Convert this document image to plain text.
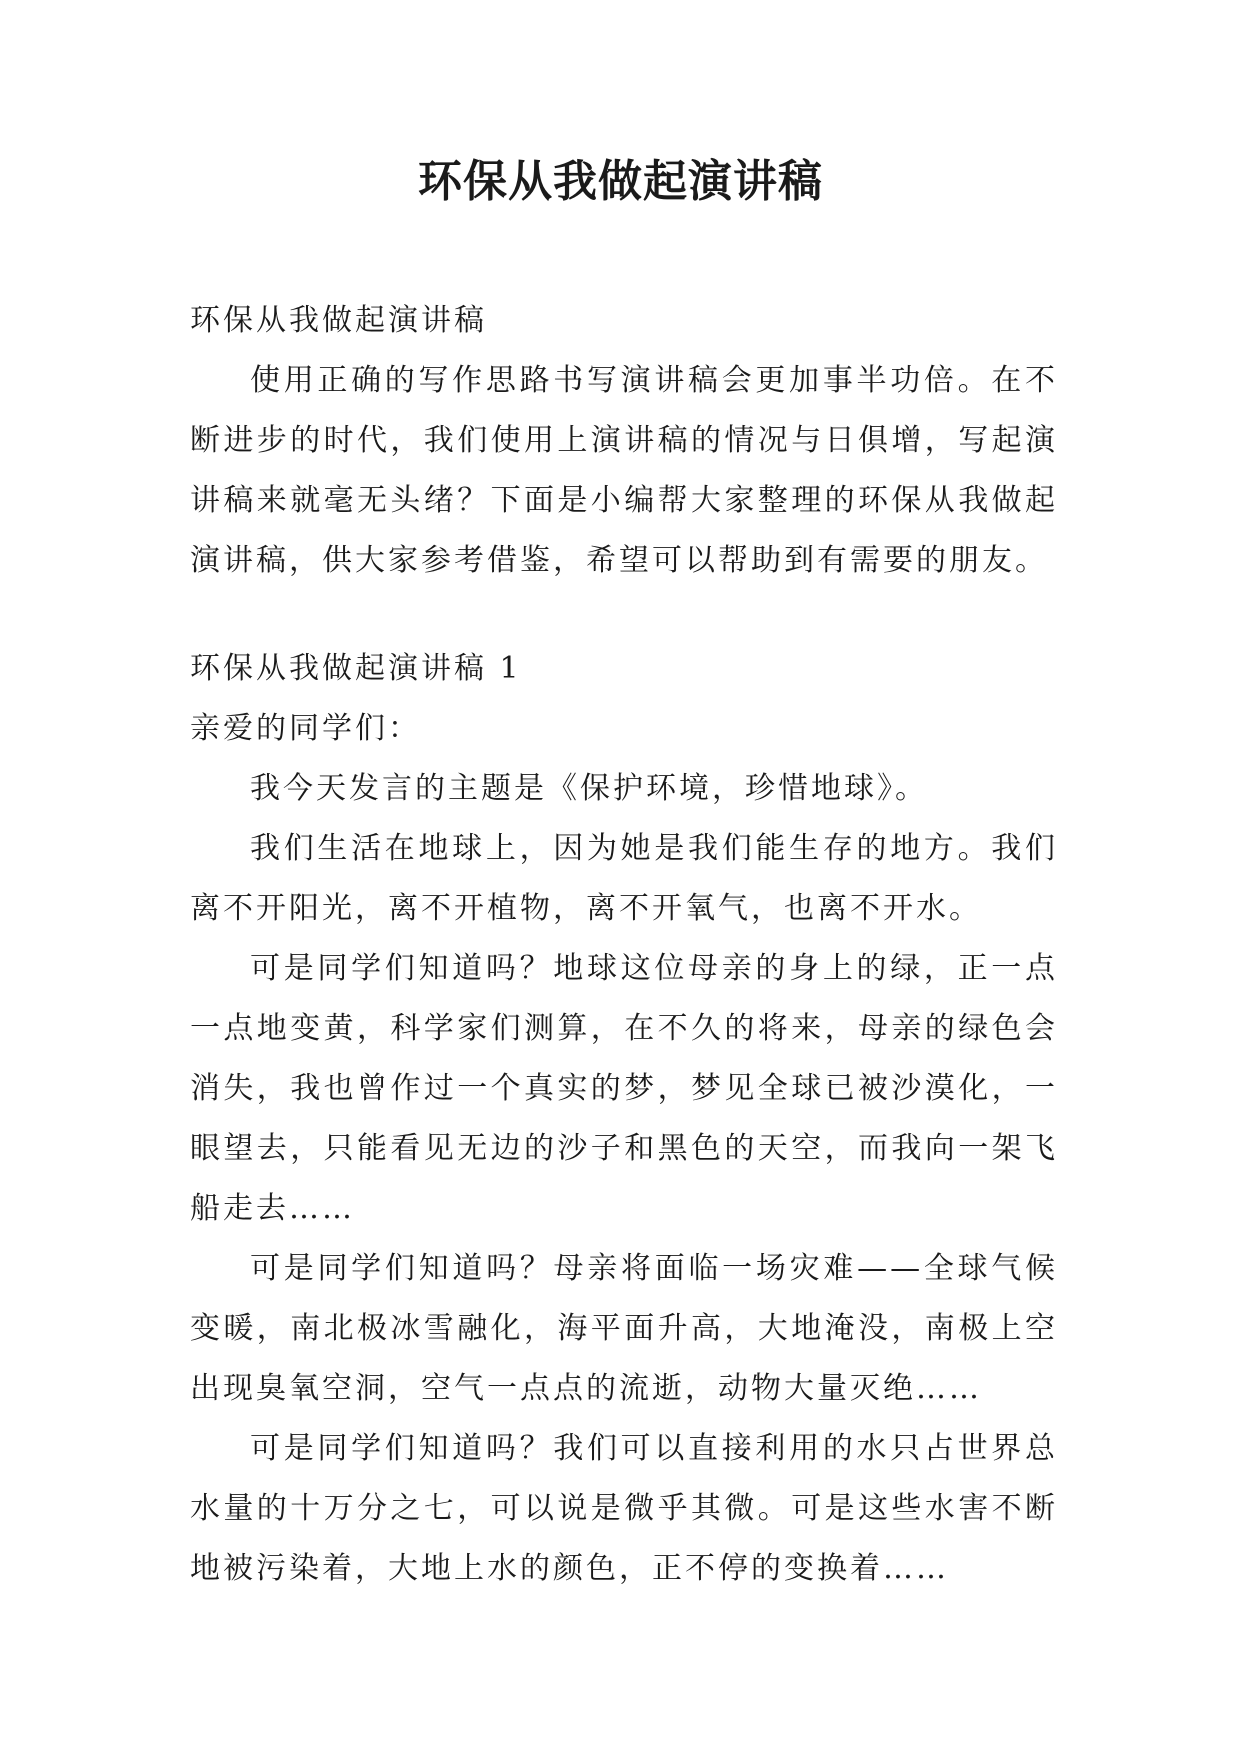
环保从我做起演讲稿

环保从我做起演讲稿

使用正确的写作思路书写演讲稿会更加事半功倍。在不断进步的时代，我们使用上演讲稿的情况与日俱增，写起演讲稿来就毫无头绪？下面是小编帮大家整理的环保从我做起演讲稿，供大家参考借鉴，希望可以帮助到有需要的朋友。

环保从我做起演讲稿 1

亲爱的同学们：

我今天发言的主题是《保护环境，珍惜地球》。

我们生活在地球上，因为她是我们能生存的地方。我们离不开阳光，离不开植物，离不开氧气，也离不开水。

可是同学们知道吗？地球这位母亲的身上的绿，正一点一点地变黄，科学家们测算，在不久的将来，母亲的绿色会消失，我也曾作过一个真实的梦，梦见全球已被沙漠化，一眼望去，只能看见无边的沙子和黑色的天空，而我向一架飞船走去……

可是同学们知道吗？母亲将面临一场灾难——全球气候变暖，南北极冰雪融化，海平面升高，大地淹没，南极上空出现臭氧空洞，空气一点点的流逝，动物大量灭绝……

可是同学们知道吗？我们可以直接利用的水只占世界总水量的十万分之七，可以说是微乎其微。可是这些水害不断地被污染着，大地上水的颜色，正不停的变换着……
